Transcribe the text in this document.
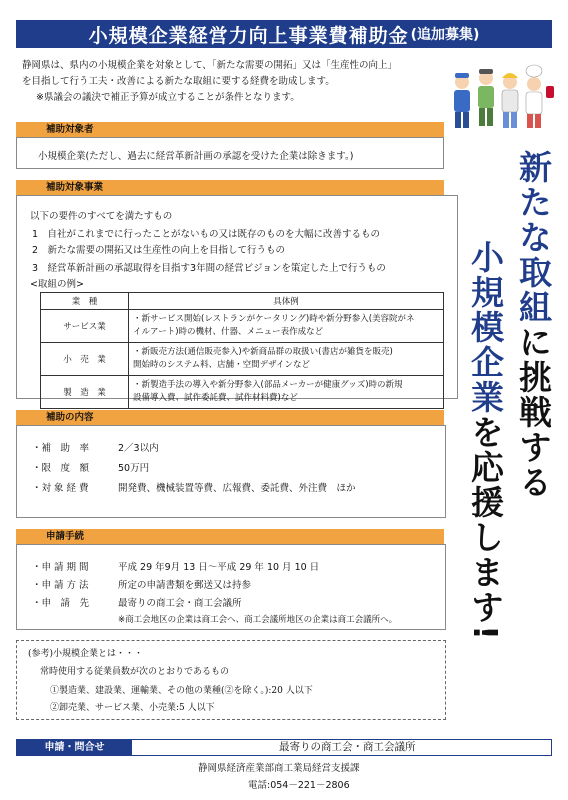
小規模企業経営力向上事業費補助金 (追加募集)

静岡県は、県内の小規模企業を対象として、「新たな需要の開拓」又は「生産性の向上」

を目指して行う工夫・改善による新たな取組に要する経費を助成します。

※県議会の議決で補正予算が成立することが条件となります。

新たな取組に挑戦する
小規模企業を応援します!
補助対象者
小規模企業(ただし、過去に経営革新計画の承認を受けた企業は除きます。)
補助対象事業
以下の要件のすべてを満たすもの
1　自社がこれまでに行ったことがないもの又は既存のものを大幅に改善するもの
2　新たな需要の開拓又は生産性の向上を目指して行うもの
3　経営革新計画の承認取得を目指す3年間の経営ビジョンを策定した上で行うもの
<取組の例>
業　種	具体例
サービス業	・新サービス開始(レストランがケータリング)時や新分野参入(美容院がネ
イルアート)時の機材、什器、メニュー表作成など

小　売　業	・新販売方法(通信販売参入)や新商品群の取扱い(書店が雑貨を販売)
開始時のシステム料、店舗・空間デザインなど

製　造　業	・新製造手法の導入や新分野参入(部品メーカーが健康グッズ)時の新規
設備導入費、試作委託費、試作材料費)など
補助の内容
・補　助　率	2／3以内
・限　度　額	50万円
・対 象 経 費	開発費、機械装置等費、広報費、委託費、外注費　ほか
申請手続
・申 請 期 間	平成 29 年9月 13 日～平成 29 年 10 月 10 日
・申 請 方 法	所定の申請書類を郵送又は持参
・申　請　先	最寄りの商工会・商工会議所
※商工会地区の企業は商工会へ、商工会議所地区の企業は商工会議所へ。
(参考)小規模企業とは・・・
常時使用する従業員数が次のとおりであるもの
①製造業、建設業、運輸業、その他の業種(②を除く。):20 人以下
②卸売業、サービス業、小売業:5 人以下
申請・問合せ	最寄りの商工会・商工会議所
静岡県経済産業部商工業局経営支援課
電話:054－221－2806
